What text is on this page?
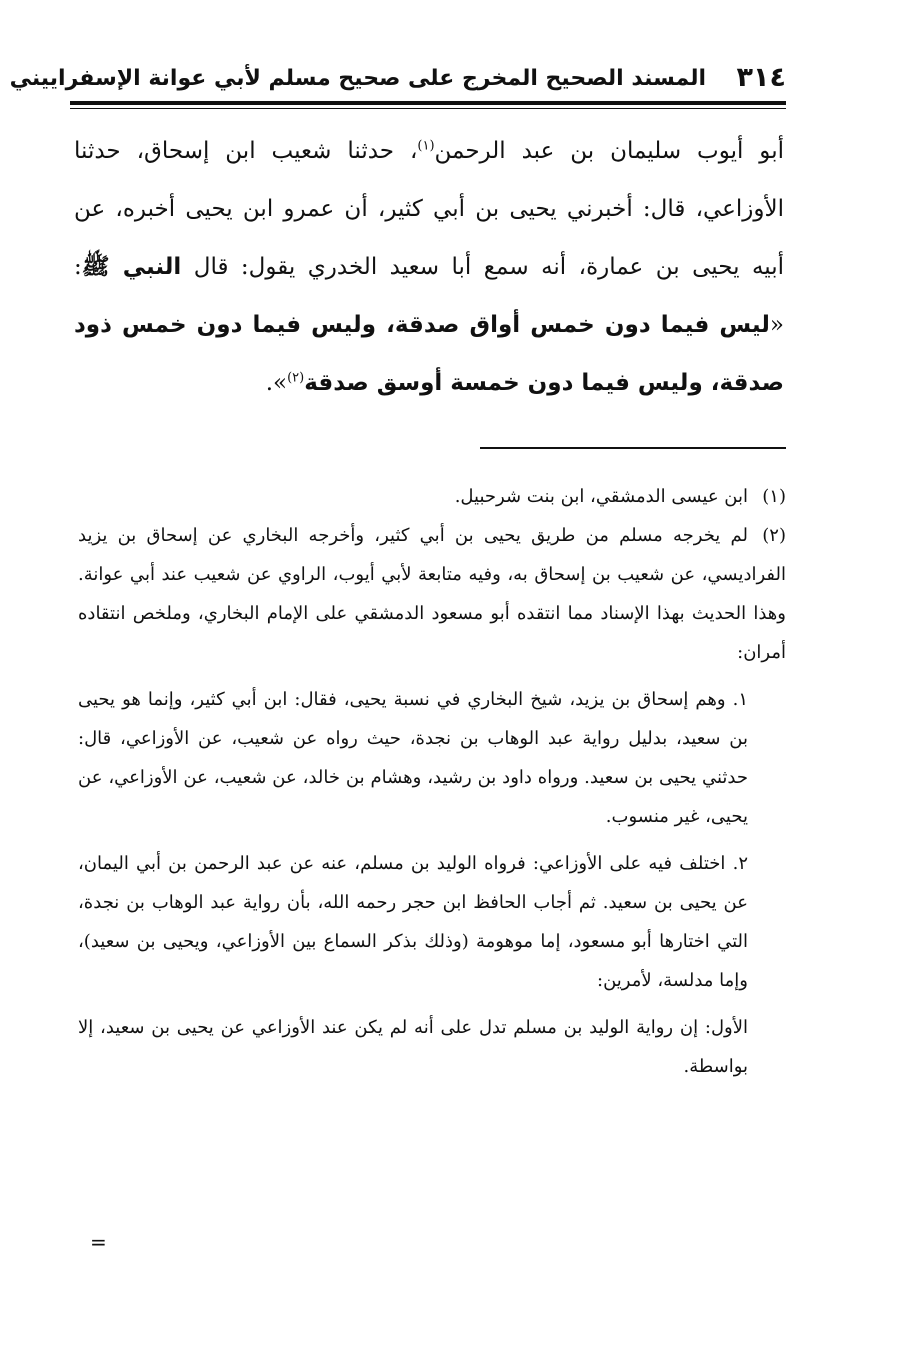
٣١٤
المسند الصحيح المخرج على صحيح مسلم لأبي عوانة الإسفراييني

أبو أيوب سليمان بن عبد الرحمن$^{(١)}$، حدثنا شعيب ابن إسحاق، حدثنا الأوزاعي، قال: أخبرني يحيى بن أبي كثير، أن عمرو ابن يحيى أخبره، عن أبيه يحيى بن عمارة، أنه سمع أبا سعيد الخدري يقول: قال النبي ﷺ: «ليس فيما دون خمس أواق صدقة، وليس فيما دون خمس ذود صدقة، وليس فيما دون خمسة أوسق صدقة$^{(٢)}$».

(١)ابن عيسى الدمشقي، ابن بنت شرحبيل.

(٢)لم يخرجه مسلم من طريق يحيى بن أبي كثير، وأخرجه البخاري عن إسحاق بن يزيد الفراديسي، عن شعيب بن إسحاق به، وفيه متابعة لأبي أيوب، الراوي عن شعيب عند أبي عوانة. وهذا الحديث بهذا الإسناد مما انتقده أبو مسعود الدمشقي على الإمام البخاري، وملخص انتقاده أمران:

١. وهم إسحاق بن يزيد، شيخ البخاري في نسبة يحيى، فقال: ابن أبي كثير، وإنما هو يحيى بن سعيد، بدليل رواية عبد الوهاب بن نجدة، حيث رواه عن شعيب، عن الأوزاعي، قال: حدثني يحيى بن سعيد. ورواه داود بن رشيد، وهشام بن خالد، عن شعيب، عن الأوزاعي، عن يحيى، غير منسوب.

٢. اختلف فيه على الأوزاعي: فرواه الوليد بن مسلم، عنه عن عبد الرحمن بن أبي اليمان، عن يحيى بن سعيد. ثم أجاب الحافظ ابن حجر رحمه الله، بأن رواية عبد الوهاب بن نجدة، التي اختارها أبو مسعود، إما موهومة (وذلك بذكر السماع بين الأوزاعي، ويحيى بن سعيد)، وإما مدلسة، لأمرين:

الأول: إن رواية الوليد بن مسلم تدل على أنه لم يكن عند الأوزاعي عن يحيى بن سعيد، إلا بواسطة.

=
